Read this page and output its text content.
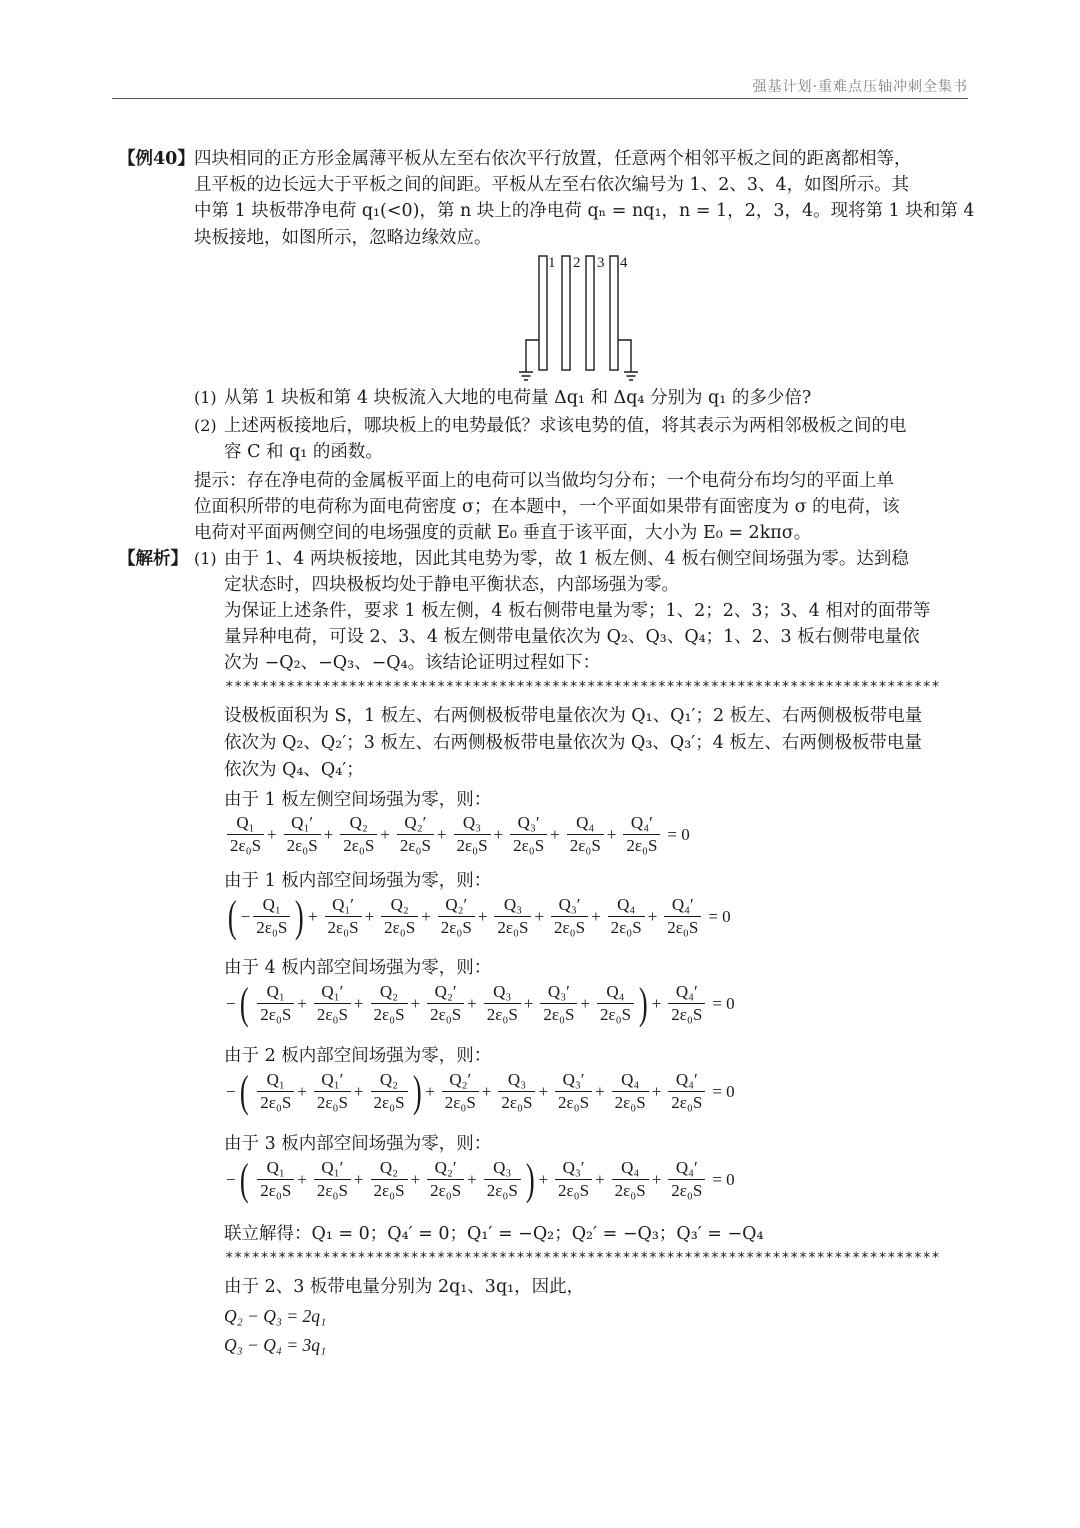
强基计划·重难点压轴冲刺全集书
【例40】 四块相同的正方形金属薄平板从左至右依次平行放置，任意两个相邻平板之间的距离都相等，
且平板的边长远大于平板之间的间距。平板从左至右依次编号为 1、2、3、4，如图所示。其
中第 1 块板带净电荷 q₁(<0)，第 n 块上的净电荷 qₙ = nq₁，n = 1，2，3，4。现将第 1 块和第 4
块板接地，如图所示，忽略边缘效应。
1 2 3 4
(1) 从第 1 块板和第 4 块板流入大地的电荷量 Δq₁ 和 Δq₄ 分别为 q₁ 的多少倍?
(2) 上述两板接地后，哪块板上的电势最低？求该电势的值，将其表示为两相邻极板之间的电
容 C 和 q₁ 的函数。
提示：存在净电荷的金属板平面上的电荷可以当做均匀分布；一个电荷分布均匀的平面上单
位面积所带的电荷称为面电荷密度 σ；在本题中，一个平面如果带有面密度为 σ 的电荷，该
电荷对平面两侧空间的电场强度的贡献 E₀ 垂直于该平面，大小为 E₀ = 2kπσ。
【解析】 (1) 由于 1、4 两块板接地，因此其电势为零，故 1 板左侧、4 板右侧空间场强为零。达到稳
定状态时，四块极板均处于静电平衡状态，内部场强为零。
为保证上述条件，要求 1 板左侧，4 板右侧带电量为零；1、2；2、3；3、4 相对的面带等
量异种电荷，可设 2、3、4 板左侧带电量依次为 Q₂、Q₃、Q₄；1、2、3 板右侧带电量依
次为 −Q₂、−Q₃、−Q₄。该结论证明过程如下：
*********************************************************************************
设极板面积为 S，1 板左、右两侧极板带电量依次为 Q₁、Q₁′；2 板左、右两侧极板带电量
依次为 Q₂、Q₂′；3 板左、右两侧极板带电量依次为 Q₃、Q₃′；4 板左、右两侧极板带电量
依次为 Q₄、Q₄′；
由于 1 板左侧空间场强为零，则：
$\frac{\text{Q₁}}{\text{2ε₀S}} + \frac{\text{Q₁′}}{\text{2ε₀S}} + \frac{\text{Q₂}}{\text{2ε₀S}} + \frac{\text{Q₂′}}{\text{2ε₀S}} + \frac{\text{Q₃}}{\text{2ε₀S}} + \frac{\text{Q₃′}}{\text{2ε₀S}} + \frac{\text{Q₄}}{\text{2ε₀S}} + \frac{\text{Q₄′}}{\text{2ε₀S}} = 0$
由于 1 板内部空间场强为零，则：
( − $\frac{\text{Q₁}}{\text{2ε₀S}}$ ) + $\frac{\text{Q₁′}}{\text{2ε₀S}} + \frac{\text{Q₂}}{\text{2ε₀S}} + \frac{\text{Q₂′}}{\text{2ε₀S}} + \frac{\text{Q₃}}{\text{2ε₀S}} + \frac{\text{Q₃′}}{\text{2ε₀S}} + \frac{\text{Q₄}}{\text{2ε₀S}} + \frac{\text{Q₄′}}{\text{2ε₀S}} = 0$
由于 4 板内部空间场强为零，则：
−( $\frac{\text{Q₁}}{\text{2ε₀S}} + \frac{\text{Q₁′}}{\text{2ε₀S}} + \frac{\text{Q₂}}{\text{2ε₀S}} + \frac{\text{Q₂′}}{\text{2ε₀S}} + \frac{\text{Q₃}}{\text{2ε₀S}} + \frac{\text{Q₃′}}{\text{2ε₀S}} + \frac{\text{Q₄}}{\text{2ε₀S}}$ ) + $\frac{\text{Q₄′}}{\text{2ε₀S}} = 0$
由于 2 板内部空间场强为零，则：
−( $\frac{\text{Q₁}}{\text{2ε₀S}} + \frac{\text{Q₁′}}{\text{2ε₀S}} + \frac{\text{Q₂}}{\text{2ε₀S}}$ ) + $\frac{\text{Q₂′}}{\text{2ε₀S}} + \frac{\text{Q₃}}{\text{2ε₀S}} + \frac{\text{Q₃′}}{\text{2ε₀S}} + \frac{\text{Q₄}}{\text{2ε₀S}} + \frac{\text{Q₄′}}{\text{2ε₀S}} = 0$
由于 3 板内部空间场强为零，则：
−( $\frac{\text{Q₁}}{\text{2ε₀S}} + \frac{\text{Q₁′}}{\text{2ε₀S}} + \frac{\text{Q₂}}{\text{2ε₀S}} + \frac{\text{Q₂′}}{\text{2ε₀S}} + \frac{\text{Q₃}}{\text{2ε₀S}}$ ) + $\frac{\text{Q₃′}}{\text{2ε₀S}} + \frac{\text{Q₄}}{\text{2ε₀S}} + \frac{\text{Q₄′}}{\text{2ε₀S}} = 0$
联立解得：Q₁ = 0；Q₄′ = 0；Q₁′ = −Q₂；Q₂′ = −Q₃；Q₃′ = −Q₄
*********************************************************************************
由于 2、3 板带电量分别为 2q₁、3q₁，因此，
Q₂ − Q₃ = 2q₁
Q₃ − Q₄ = 3q₁
